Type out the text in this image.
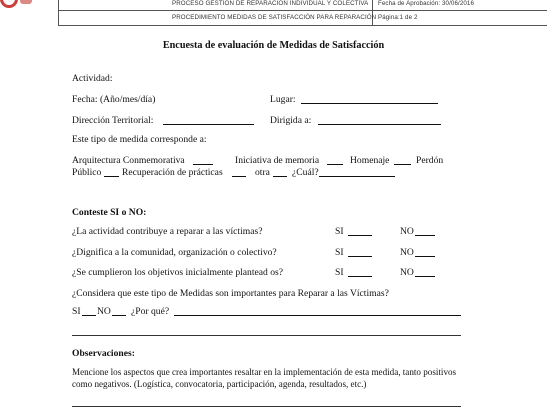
PROCESO GESTIÓN DE REPARACIÓN INDIVIDUAL Y COLECTIVA
PROCEDIMIENTO MEDIDAS DE SATISFACCIÓN PARA REPARACIÓN
Fecha de Aprobación: 30/06/2016
Página:1 de 2
Encuesta de evaluación de Medidas de Satisfacción
Actividad:
Fecha: (Año/mes/día)	Lugar:
Dirección Territorial:	Dirigida a:
Este tipo de medida corresponde a:
Arquitectura Conmemorativa	Iniciativa de memoria	Homenaje	Perdón
Público Recuperación de prácticas	otra ¿Cuál?
Conteste SI o NO:
¿La actividad contribuye a reparar a las víctimas?	SI	NO
¿Dignifica a la comunidad, organización o colectivo?	SI	NO
¿Se cumplieron los objetivos inicialmente plantead os?	SI	NO
¿Considera que este tipo de Medidas son importantes para Reparar a las Víctimas?
SI NO ¿Por qué?
Observaciones:
Mencione los aspectos que crea importantes resaltar en la implementación de esta medida, tanto positivos
como negativos. (Logística, convocatoria, participación, agenda, resultados, etc.)
